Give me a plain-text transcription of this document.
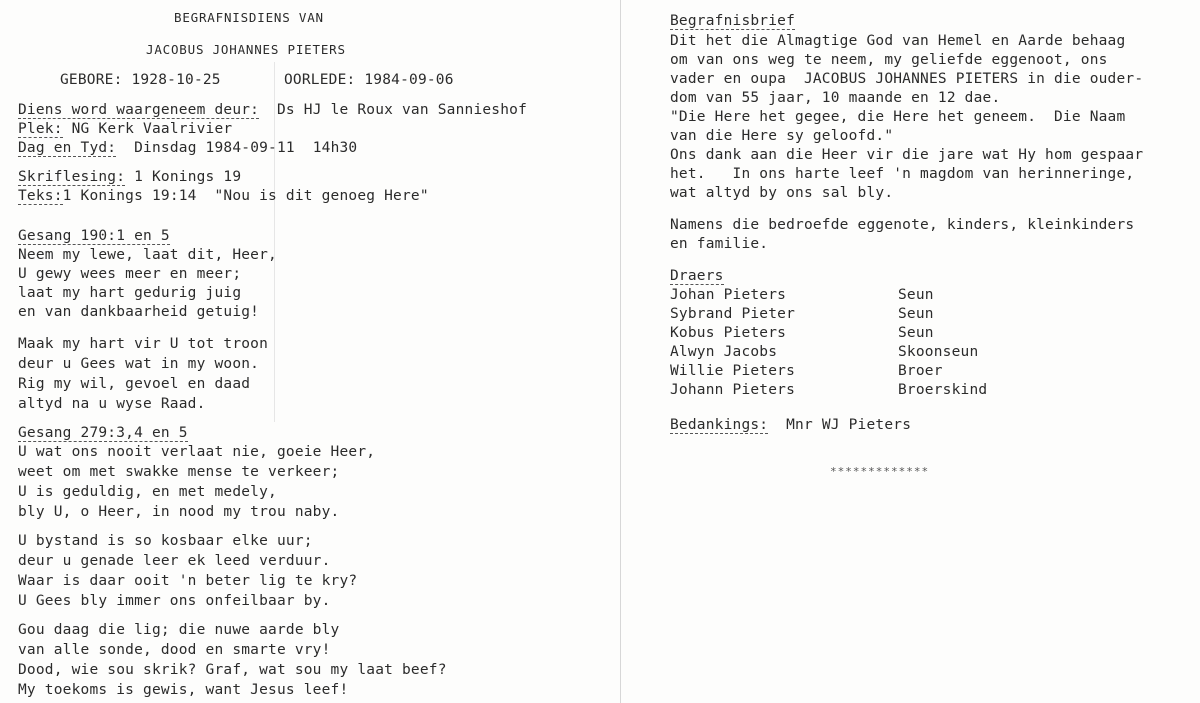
BEGRAFNISDIENS VAN
JACOBUS JOHANNES PIETERS
GEBORE: 1928-10-25	OORLEDE: 1984-09-06
Diens word waargeneem deur: Ds HJ le Roux van Sannieshof
Plek: NG Kerk Vaalrivier
Dag en Tyd: Dinsdag 1984-09-11  14h30
Skriflesing: 1 Konings 19
Teks:1 Konings 19:14  "Nou is dit genoeg Here"
Gesang 190:1 en 5
Neem my lewe, laat dit, Heer,
U gewy wees meer en meer;
laat my hart gedurig juig
en van dankbaarheid getuig!
Maak my hart vir U tot troon
deur u Gees wat in my woon.
Rig my wil, gevoel en daad
altyd na u wyse Raad.
Gesang 279:3,4 en 5
U wat ons nooit verlaat nie, goeie Heer,
weet om met swakke mense te verkeer;
U is geduldig, en met medely,
bly U, o Heer, in nood my trou naby.
U bystand is so kosbaar elke uur;
deur u genade leer ek leed verduur.
Waar is daar ooit 'n beter lig te kry?
U Gees bly immer ons onfeilbaar by.
Gou daag die lig; die nuwe aarde bly
van alle sonde, dood en smarte vry!
Dood, wie sou skrik? Graf, wat sou my laat beef?
My toekoms is gewis, want Jesus leef!
Begrafnisbrief
Dit het die Almagtige God van Hemel en Aarde behaag
om van ons weg te neem, my geliefde eggenoot, ons
vader en oupa  JACOBUS JOHANNES PIETERS in die ouder-
dom van 55 jaar, 10 maande en 12 dae.
"Die Here het gegee, die Here het geneem.  Die Naam
van die Here sy geloofd."
Ons dank aan die Heer vir die jare wat Hy hom gespaar
het.   In ons harte leef 'n magdom van herinneringe,
wat altyd by ons sal bly.
Namens die bedroefde eggenote, kinders, kleinkinders
en familie.
Draers
Johan Pieters	Seun
Sybrand Pieter	Seun
Kobus Pieters	Seun
Alwyn Jacobs	Skoonseun
Willie Pieters	Broer
Johann Pieters	Broerskind
Bedankings: Mnr WJ Pieters
*************
